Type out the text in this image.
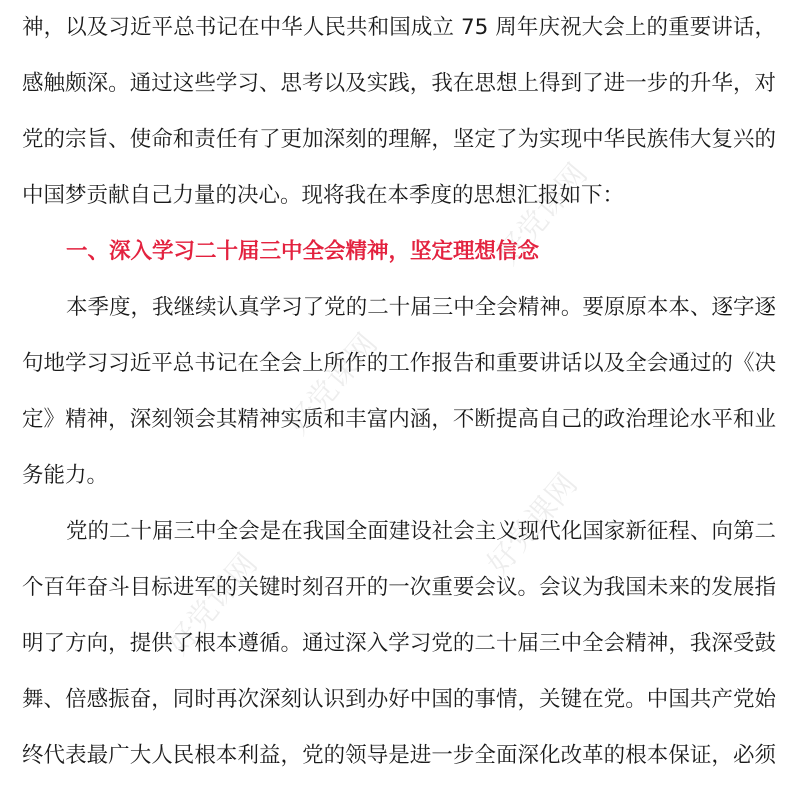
好党课网
好党课网
好党课网
好党课网
神，以及习近平总书记在中华人民共和国成立 75 周年庆祝大会上的重要讲话，
感触颇深。通过这些学习、思考以及实践，我在思想上得到了进一步的升华，对
党的宗旨、使命和责任有了更加深刻的理解，坚定了为实现中华民族伟大复兴的
中国梦贡献自己力量的决心。现将我在本季度的思想汇报如下：
一、深入学习二十届三中全会精神，坚定理想信念
本季度，我继续认真学习了党的二十届三中全会精神。要原原本本、逐字逐
句地学习习近平总书记在全会上所作的工作报告和重要讲话以及全会通过的《决
定》精神，深刻领会其精神实质和丰富内涵，不断提高自己的政治理论水平和业
务能力。
党的二十届三中全会是在我国全面建设社会主义现代化国家新征程、向第二
个百年奋斗目标进军的关键时刻召开的一次重要会议。会议为我国未来的发展指
明了方向，提供了根本遵循。通过深入学习党的二十届三中全会精神，我深受鼓
舞、倍感振奋，同时再次深刻认识到办好中国的事情，关键在党。中国共产党始
终代表最广大人民根本利益，党的领导是进一步全面深化改革的根本保证，必须
